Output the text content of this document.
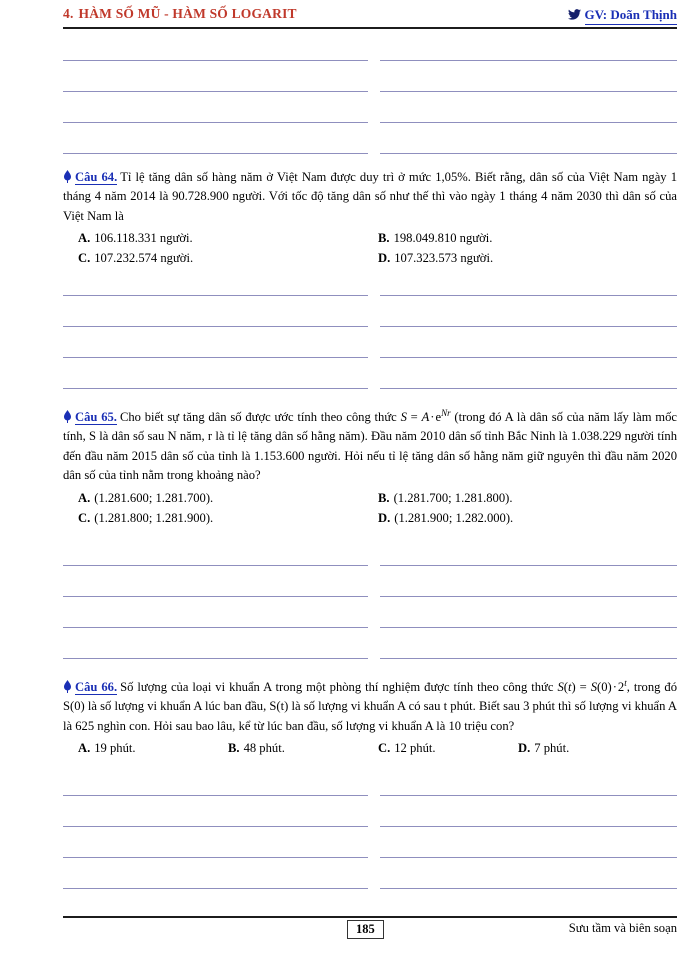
4. HÀM SỐ MŨ - HÀM SỐ LOGARIT	GV: Doãn Thịnh
Câu 64. Tỉ lệ tăng dân số hàng năm ở Việt Nam được duy trì ở mức 1,05%. Biết rằng, dân số của Việt Nam ngày 1 tháng 4 năm 2014 là 90.728.900 người. Với tốc độ tăng dân số như thế thì vào ngày 1 tháng 4 năm 2030 thì dân số của Việt Nam là
A. 106.118.331 người.	B. 198.049.810 người.
C. 107.232.574 người.	D. 107.323.573 người.
Câu 65. Cho biết sự tăng dân số được ước tính theo công thức $S = A\cdot e^{Nr}$ (trong đó A là dân số của năm lấy làm mốc tính, S là dân số sau N năm, r là tỉ lệ tăng dân số hằng năm). Đầu năm 2010 dân số tỉnh Bắc Ninh là 1.038.229 người tính đến đầu năm 2015 dân số của tỉnh là 1.153.600 người. Hỏi nếu tỉ lệ tăng dân số hằng năm giữ nguyên thì đầu năm 2020 dân số của tỉnh nằm trong khoảng nào?
A. (1.281.600; 1.281.700).	B. (1.281.700; 1.281.800).
C. (1.281.800; 1.281.900).	D. (1.281.900; 1.282.000).
Câu 66. Số lượng của loại vi khuẩn A trong một phòng thí nghiệm được tính theo công thức $S(t) = S(0)\cdot 2^t$, trong đó S(0) là số lượng vi khuẩn A lúc ban đầu, S(t) là số lượng vi khuẩn A có sau t phút. Biết sau 3 phút thì số lượng vi khuẩn A là 625 nghìn con. Hỏi sau bao lâu, kể từ lúc ban đầu, số lượng vi khuẩn A là 10 triệu con?
A. 19 phút.	B. 48 phút.	C. 12 phút.	D. 7 phút.
185	Sưu tầm và biên soạn
